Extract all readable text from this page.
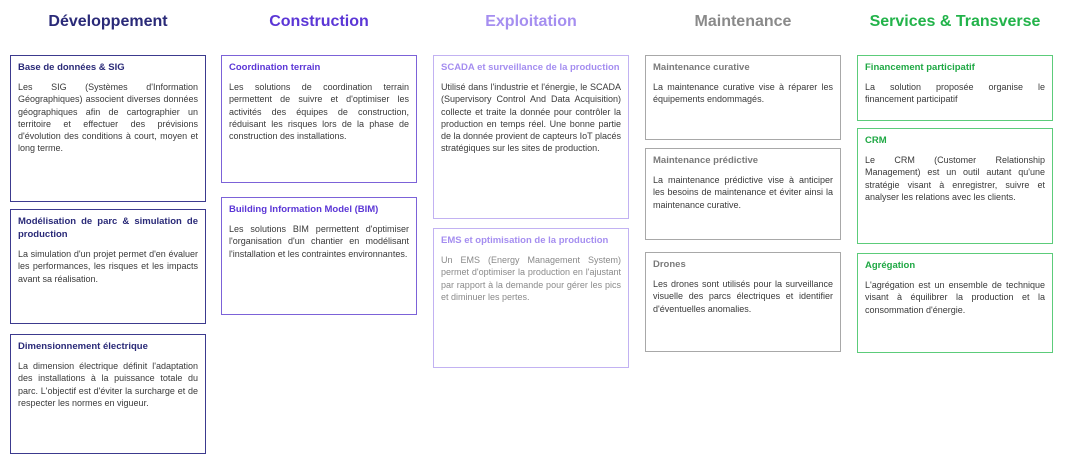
Développement
Base de données & SIG
Les SIG (Systèmes d'Information Géographiques) associent diverses données géographiques afin de cartographier un territoire et effectuer des prévisions d'évolution des conditions à court, moyen et long terme.
Modélisation de parc & simulation de production
La simulation d'un projet permet d'en évaluer les performances, les risques et les impacts avant sa réalisation.
Dimensionnement électrique
La dimension électrique définit l'adaptation des installations à la puissance totale du parc. L'objectif est d'éviter la surcharge et de respecter les normes en vigueur.
Construction
Coordination terrain
Les solutions de coordination terrain permettent de suivre et d'optimiser les activités des équipes de construction, réduisant les risques lors de la phase de construction des installations.
Building Information Model (BIM)
Les solutions BIM permettent d'optimiser l'organisation d'un chantier en modélisant l'installation et les contraintes environnantes.
Exploitation
SCADA et surveillance de la production
Utilisé dans l'industrie et l'énergie, le SCADA (Supervisory Control And Data Acquisition) collecte et traite la donnée pour contrôler la production en temps réel. Une bonne partie de la donnée provient de capteurs IoT placés stratégiques sur les sites de production.
EMS et optimisation de la production
Un EMS (Energy Management System) permet d'optimiser la production en l'ajustant par rapport à la demande pour gérer les pics et diminuer les pertes.
Maintenance
Maintenance curative
La maintenance curative vise à réparer les équipements endommagés.
Maintenance prédictive
La maintenance prédictive vise à anticiper les besoins de maintenance et éviter ainsi la maintenance curative.
Drones
Les drones sont utilisés pour la surveillance visuelle des parcs électriques et identifier d'éventuelles anomalies.
Services & Transverse
Financement participatif
La solution proposée organise le financement participatif
CRM
Le CRM (Customer Relationship Management) est un outil autant qu'une stratégie visant à enregistrer, suivre et analyser les relations avec les clients.
Agrégation
L'agrégation est un ensemble de technique visant à équilibrer la production et la consommation d'énergie.
